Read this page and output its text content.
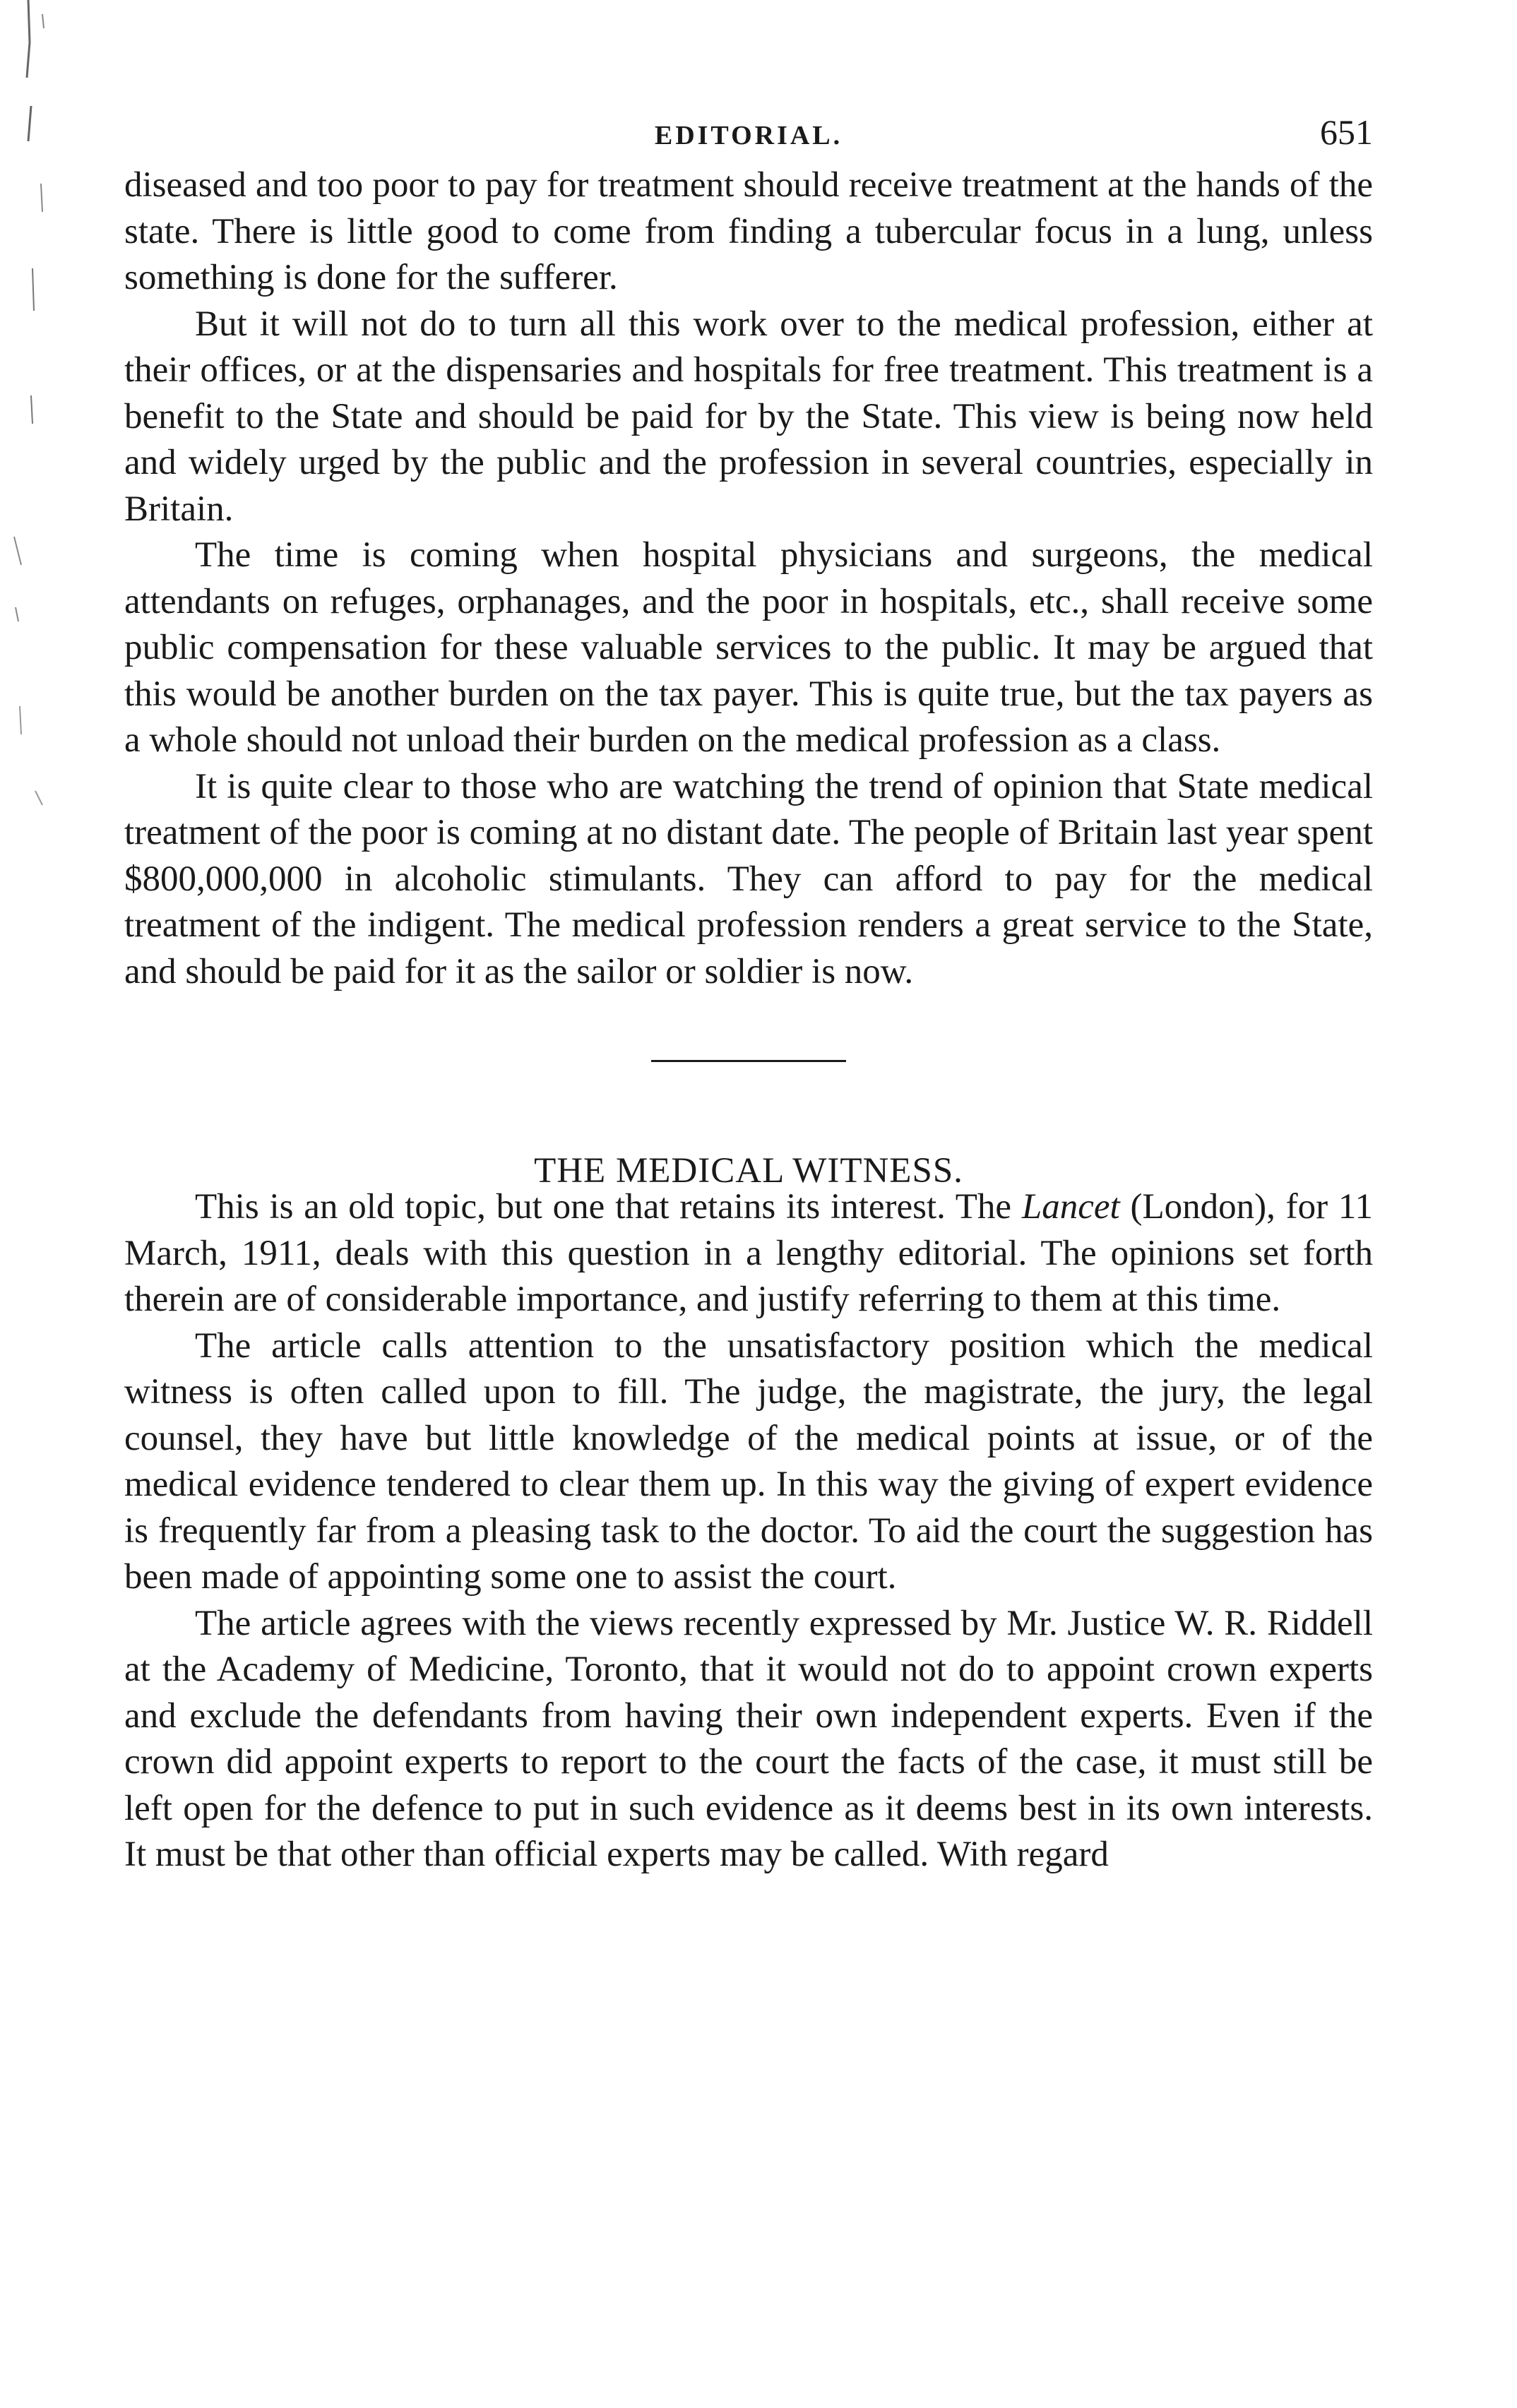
EDITORIAL.	651

diseased and too poor to pay for treatment should receive treatment at the hands of the state. There is little good to come from finding a tubercular focus in a lung, unless something is done for the sufferer.

But it will not do to turn all this work over to the medical profession, either at their offices, or at the dispensaries and hospitals for free treatment. This treatment is a benefit to the State and should be paid for by the State. This view is being now held and widely urged by the public and the profession in several countries, especially in Britain.

The time is coming when hospital physicians and surgeons, the medical attendants on refuges, orphanages, and the poor in hospitals, etc., shall receive some public compensation for these valuable services to the public. It may be argued that this would be another burden on the tax payer. This is quite true, but the tax payers as a whole should not unload their burden on the medical profession as a class.

It is quite clear to those who are watching the trend of opinion that State medical treatment of the poor is coming at no distant date. The people of Britain last year spent $800,000,000 in alcoholic stimulants. They can afford to pay for the medical treatment of the indigent. The medical profession renders a great service to the State, and should be paid for it as the sailor or soldier is now.

THE MEDICAL WITNESS.

This is an old topic, but one that retains its interest. The Lancet (London), for 11 March, 1911, deals with this question in a lengthy editorial. The opinions set forth therein are of considerable importance, and justify referring to them at this time.

The article calls attention to the unsatisfactory position which the medical witness is often called upon to fill. The judge, the magistrate, the jury, the legal counsel, they have but little knowledge of the medical points at issue, or of the medical evidence tendered to clear them up. In this way the giving of expert evidence is frequently far from a pleasing task to the doctor. To aid the court the suggestion has been made of appointing some one to assist the court.

The article agrees with the views recently expressed by Mr. Justice W. R. Riddell at the Academy of Medicine, Toronto, that it would not do to appoint crown experts and exclude the defendants from having their own independent experts. Even if the crown did appoint experts to report to the court the facts of the case, it must still be left open for the defence to put in such evidence as it deems best in its own interests. It must be that other than official experts may be called. With regard
